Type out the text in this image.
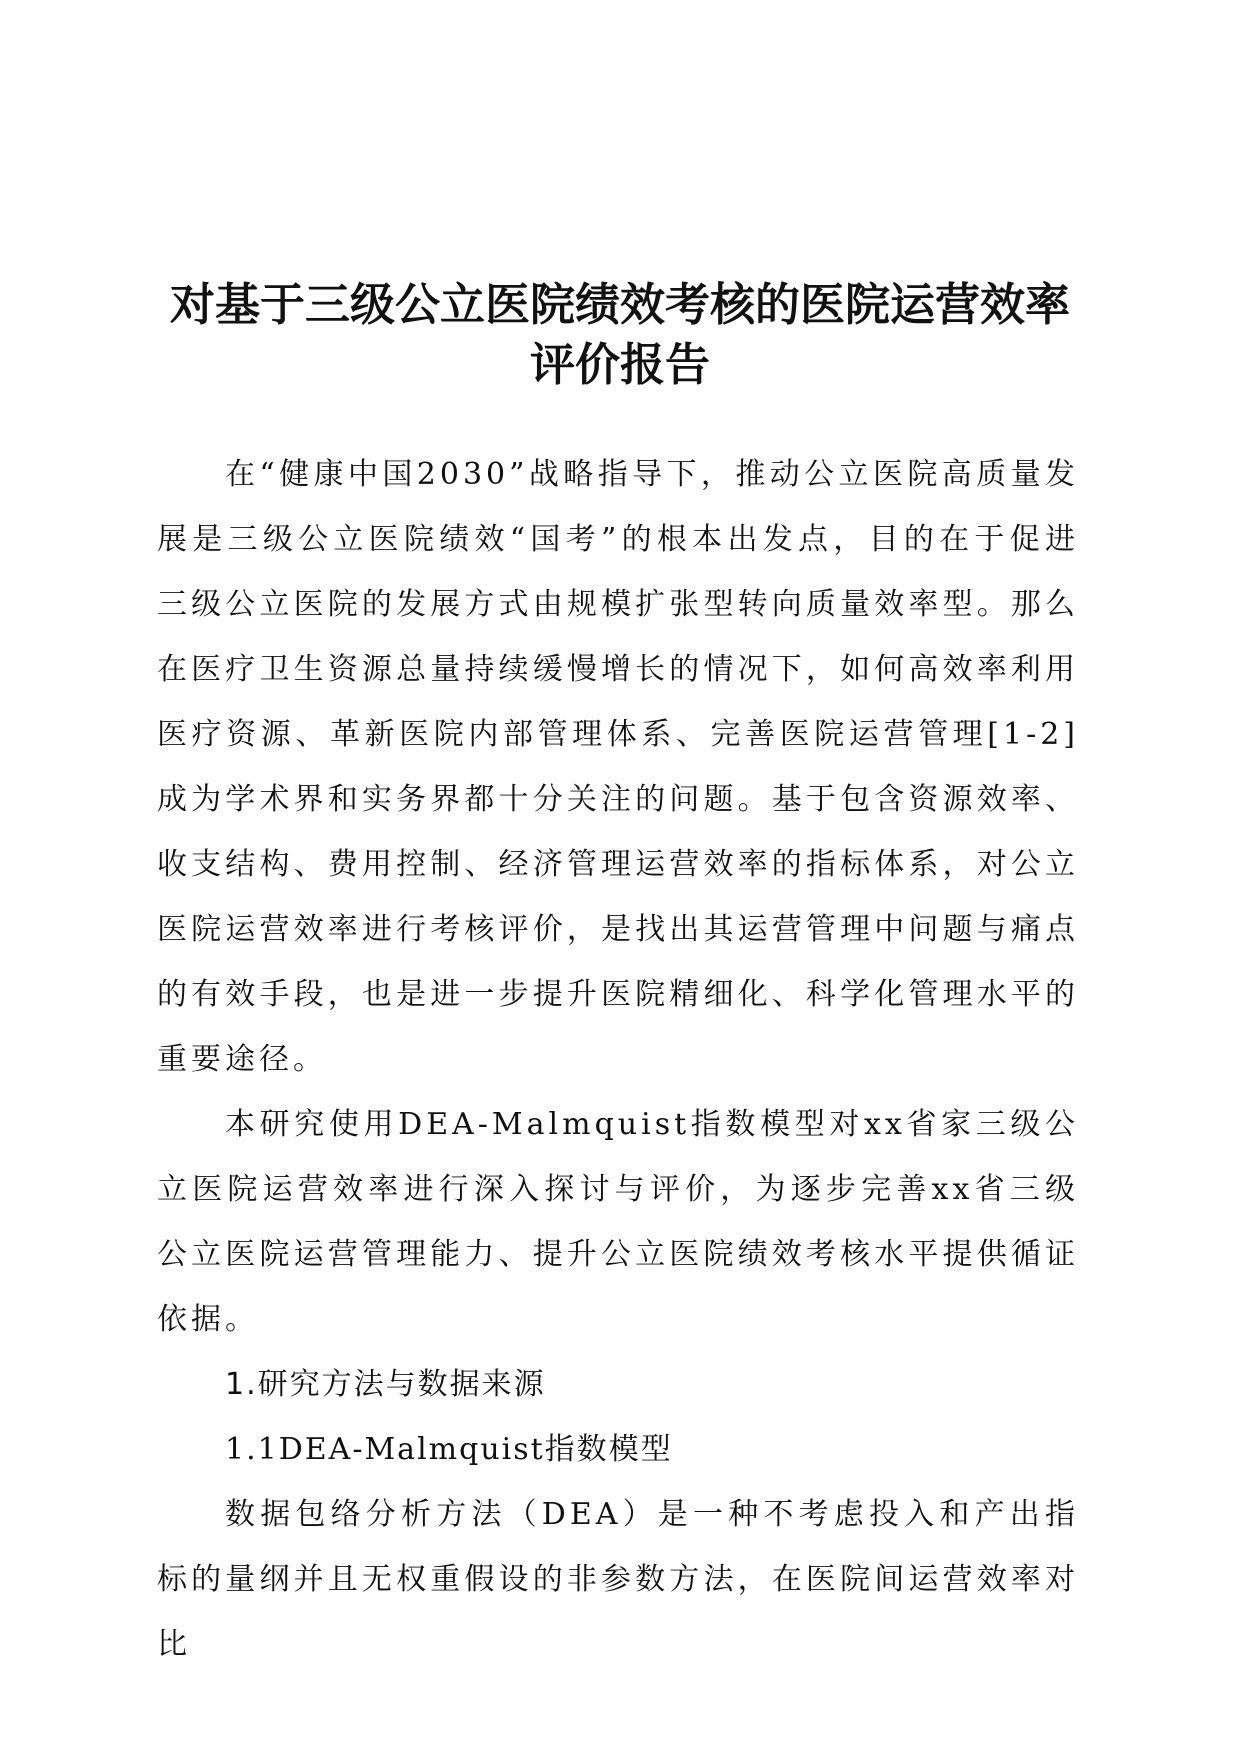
对基于三级公立医院绩效考核的医院运营效率
评价报告

在“健康中国2030”战略指导下，推动公立医院高质量发展是三级公立医院绩效“国考”的根本出发点，目的在于促进三级公立医院的发展方式由规模扩张型转向质量效率型。那么在医疗卫生资源总量持续缓慢增长的情况下，如何高效率利用医疗资源、革新医院内部管理体系、完善医院运营管理[1-2]成为学术界和实务界都十分关注的问题。基于包含资源效率、收支结构、费用控制、经济管理运营效率的指标体系，对公立医院运营效率进行考核评价，是找出其运营管理中问题与痛点的有效手段，也是进一步提升医院精细化、科学化管理水平的重要途径。

本研究使用DEA-Malmquist指数模型对xx省家三级公立医院运营效率进行深入探讨与评价，为逐步完善xx省三级公立医院运营管理能力、提升公立医院绩效考核水平提供循证依据。

1.研究方法与数据来源

1.1DEA-Malmquist指数模型

数据包络分析方法（DEA）是一种不考虑投入和产出指标的量纲并且无权重假设的非参数方法，在医院间运营效率对比
